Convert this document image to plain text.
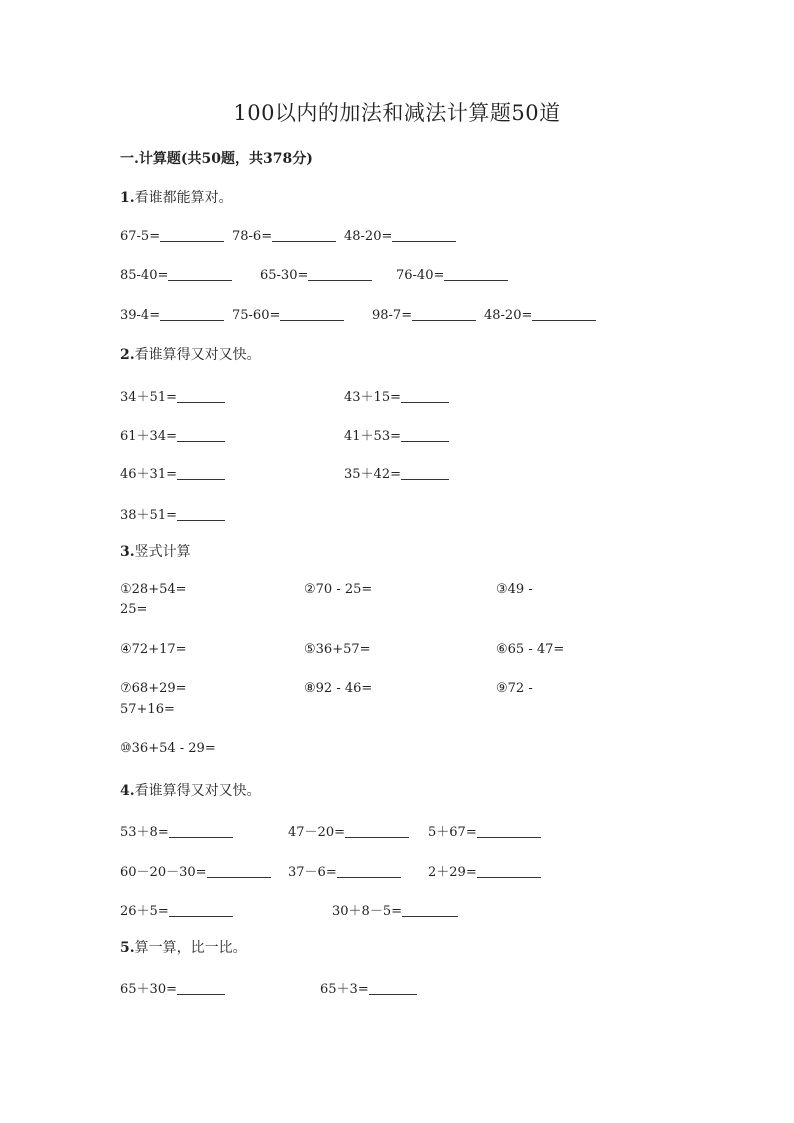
100以内的加法和减法计算题50道
一.计算题(共50题，共378分)
1.看谁都能算对。
67-5=	78-6=	48-20=
85-40=	65-30=	76-40=
39-4=	75-60=	98-7=	48-20=
2.看谁算得又对又快。
34＋51=	43＋15=
61＋34=	41＋53=
46＋31=	35＋42=
38＋51=
3.竖式计算
①28+54=	②70 - 25=	③49 -
25=
④72+17=	⑤36+57=	⑥65 - 47=
⑦68+29=	⑧92 - 46=	⑨72 -
57+16=
⑩36+54 - 29=
4.看谁算得又对又快。
53＋8=	47－20=	5＋67=
60－20－30=	37－6=	2＋29=
26＋5=	30＋8－5=
5.算一算，比一比。
65＋30=	65＋3=
